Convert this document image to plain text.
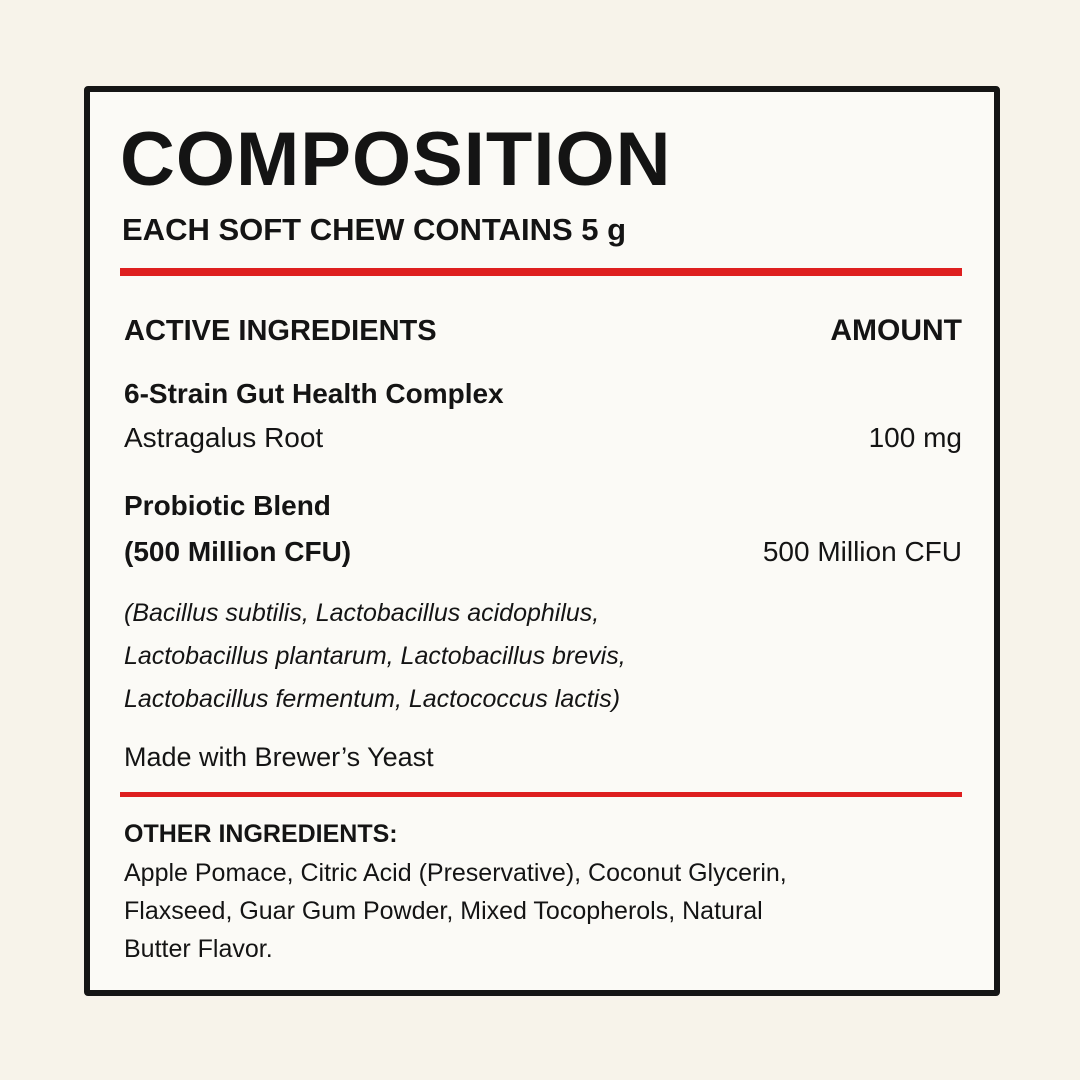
COMPOSITION
EACH SOFT CHEW CONTAINS 5 g
ACTIVE INGREDIENTS	AMOUNT
6-Strain Gut Health Complex
Astragalus Root	100 mg
Probiotic Blend
(500 Million CFU)	500 Million CFU
(Bacillus subtilis, Lactobacillus acidophilus,
Lactobacillus plantarum, Lactobacillus brevis,
Lactobacillus fermentum, Lactococcus lactis)
Made with Brewer’s Yeast
OTHER INGREDIENTS:
Apple Pomace, Citric Acid (Preservative), Coconut Glycerin,
Flaxseed, Guar Gum Powder, Mixed Tocopherols, Natural
Butter Flavor.
